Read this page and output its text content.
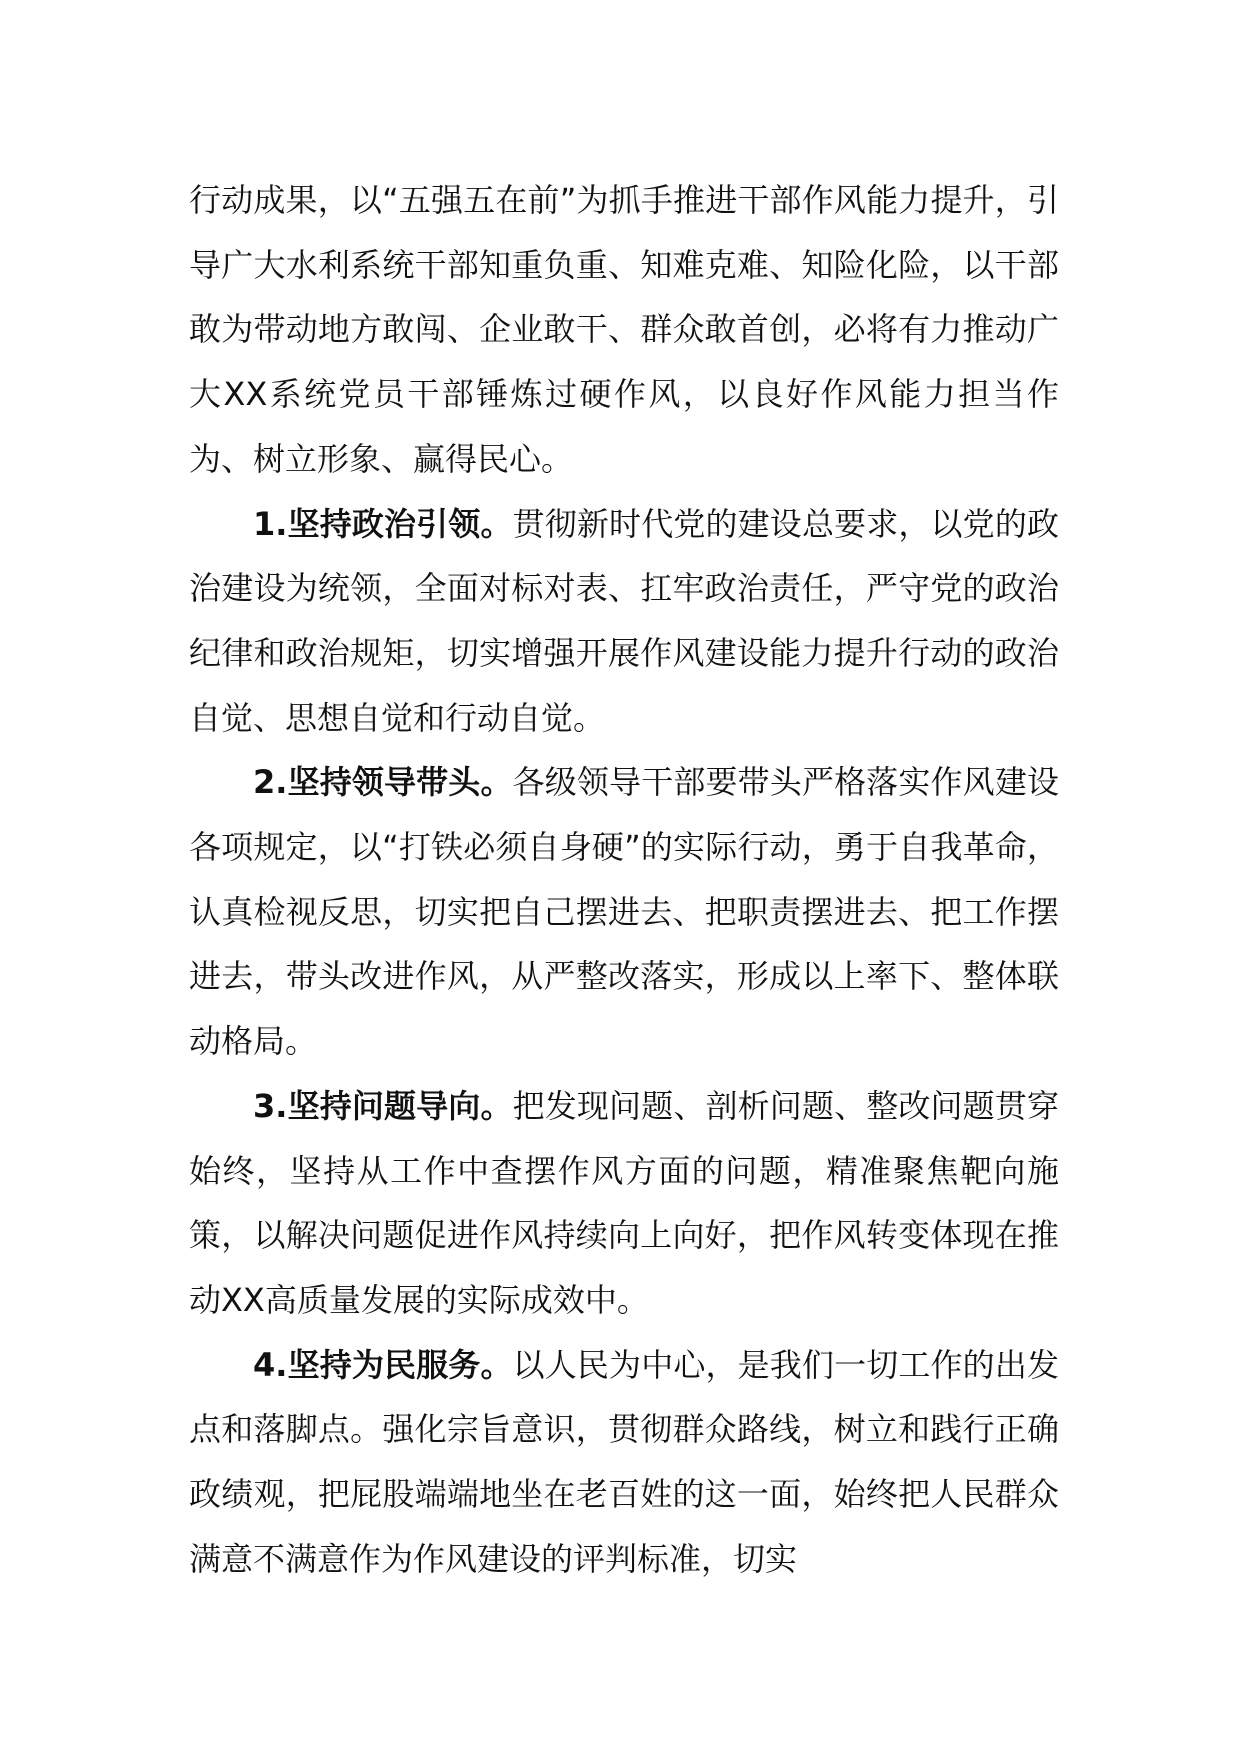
行动成果，以“五强五在前”为抓手推进干部作风能力提升，引导广大水利系统干部知重负重、知难克难、知险化险，以干部敢为带动地方敢闯、企业敢干、群众敢首创，必将有力推动广大XX系统党员干部锤炼过硬作风，以良好作风能力担当作为、树立形象、赢得民心。

1.坚持政治引领。贯彻新时代党的建设总要求，以党的政治建设为统领，全面对标对表、扛牢政治责任，严守党的政治纪律和政治规矩，切实增强开展作风建设能力提升行动的政治自觉、思想自觉和行动自觉。

2.坚持领导带头。各级领导干部要带头严格落实作风建设各项规定，以“打铁必须自身硬”的实际行动，勇于自我革命，认真检视反思，切实把自己摆进去、把职责摆进去、把工作摆进去，带头改进作风，从严整改落实，形成以上率下、整体联动格局。

3.坚持问题导向。把发现问题、剖析问题、整改问题贯穿始终，坚持从工作中查摆作风方面的问题，精准聚焦靶向施策，以解决问题促进作风持续向上向好，把作风转变体现在推动XX高质量发展的实际成效中。

4.坚持为民服务。以人民为中心，是我们一切工作的出发点和落脚点。强化宗旨意识，贯彻群众路线，树立和践行正确政绩观，把屁股端端地坐在老百姓的这一面，始终把人民群众满意不满意作为作风建设的评判标准，切实
